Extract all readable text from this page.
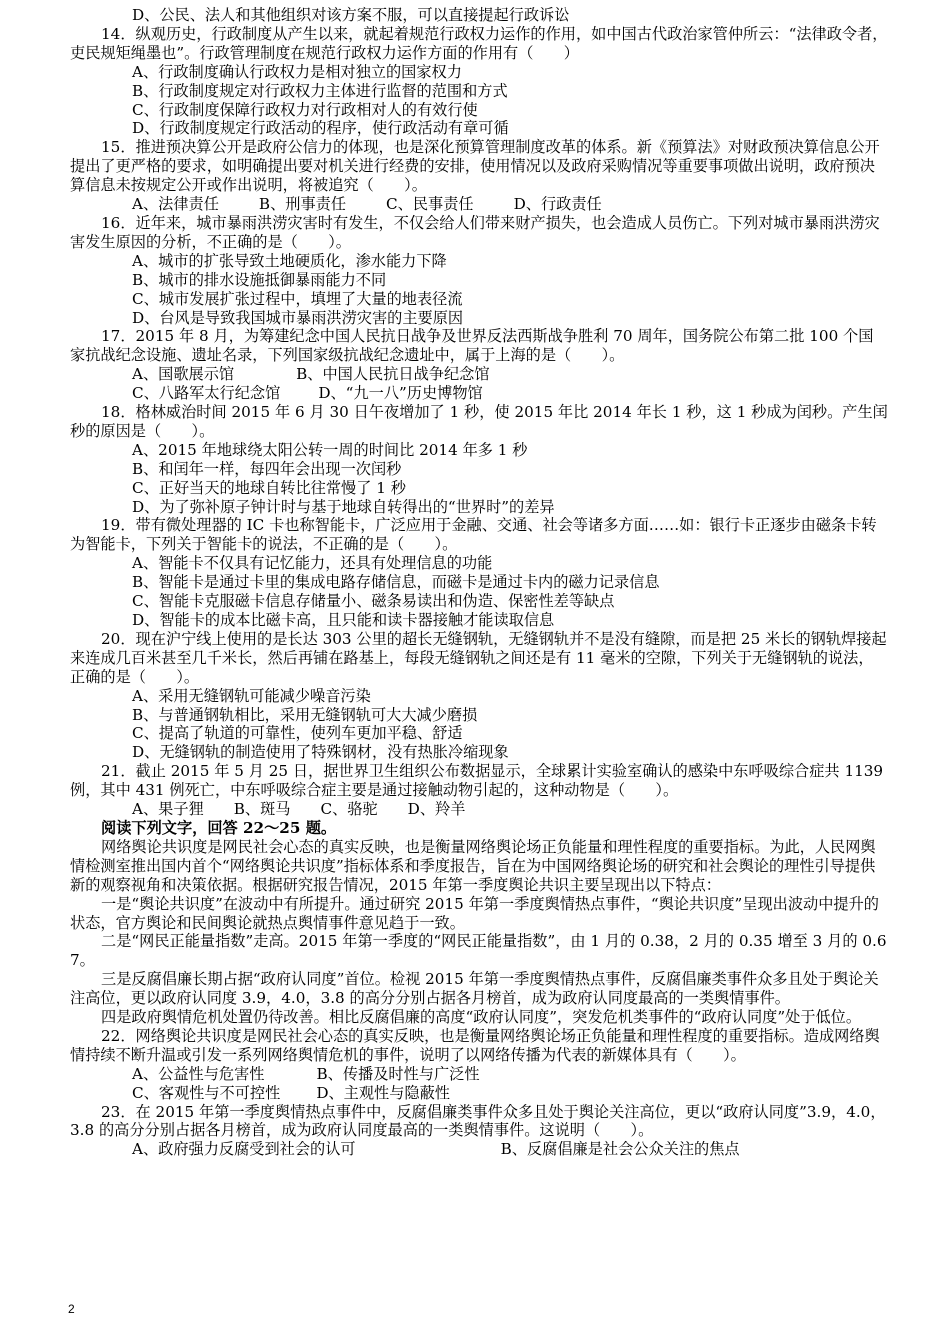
D、公民、法人和其他组织对该方案不服，可以直接提起行政诉讼

14．纵观历史，行政制度从产生以来，就起着规范行政权力运作的作用，如中国古代政治家管仲所云：“法律政令者，吏民规矩绳墨也”。行政管理制度在规范行政权力运作方面的作用有（　　）

A、行政制度确认行政权力是相对独立的国家权力

B、行政制度规定对行政权力主体进行监督的范围和方式

C、行政制度保障行政权力对行政相对人的有效行使

D、行政制度规定行政活动的程序，使行政活动有章可循

15．推进预决算公开是政府公信力的体现，也是深化预算管理制度改革的体系。新《预算法》对财政预决算信息公开提出了更严格的要求，如明确提出要对机关进行经费的安排，使用情况以及政府采购情况等重要事项做出说明，政府预决算信息未按规定公开或作出说明，将被追究（　　）。

A、法律责任	B、刑事责任	C、民事责任	D、行政责任

16．近年来，城市暴雨洪涝灾害时有发生，不仅会给人们带来财产损失，也会造成人员伤亡。下列对城市暴雨洪涝灾害发生原因的分析，不正确的是（　　）。

A、城市的扩张导致土地硬质化，渗水能力下降

B、城市的排水设施抵御暴雨能力不同

C、城市发展扩张过程中，填埋了大量的地表径流

D、台风是导致我国城市暴雨洪涝灾害的主要原因

17．2015 年 8 月，为筹建纪念中国人民抗日战争及世界反法西斯战争胜利 70 周年，国务院公布第二批 100 个国家抗战纪念设施、遗址名录，下列国家级抗战纪念遗址中，属于上海的是（　　）。

A、国歌展示馆	B、中国人民抗日战争纪念馆

C、八路军太行纪念馆	D、“九一八”历史博物馆

18．格林威治时间 2015 年 6 月 30 日午夜增加了 1 秒，使 2015 年比 2014 年长 1 秒，这 1 秒成为闰秒。产生闰秒的原因是（　　）。

A、2015 年地球绕太阳公转一周的时间比 2014 年多 1 秒

B、和闰年一样，每四年会出现一次闰秒

C、正好当天的地球自转比往常慢了 1 秒

D、为了弥补原子钟计时与基于地球自转得出的“世界时”的差异

19．带有微处理器的 IC 卡也称智能卡，广泛应用于金融、交通、社会等诸多方面……如：银行卡正逐步由磁条卡转为智能卡，下列关于智能卡的说法，不正确的是（　　）。

A、智能卡不仅具有记忆能力，还具有处理信息的功能

B、智能卡是通过卡里的集成电路存储信息，而磁卡是通过卡内的磁力记录信息

C、智能卡克服磁卡信息存储量小、磁条易读出和伪造、保密性差等缺点

D、智能卡的成本比磁卡高，且只能和读卡器接触才能读取信息

20．现在沪宁线上使用的是长达 303 公里的超长无缝钢轨，无缝钢轨并不是没有缝隙，而是把 25 米长的钢轨焊接起来连成几百米甚至几千米长，然后再铺在路基上，每段无缝钢轨之间还是有 11 毫米的空隙，下列关于无缝钢轨的说法，正确的是（　　）。

A、采用无缝钢轨可能减少噪音污染

B、与普通钢轨相比，采用无缝钢轨可大大减少磨损

C、提高了轨道的可靠性，使列车更加平稳、舒适

D、无缝钢轨的制造使用了特殊钢材，没有热胀冷缩现象

21．截止 2015 年 5 月 25 日，据世界卫生组织公布数据显示，全球累计实验室确认的感染中东呼吸综合症共 1139 例，其中 431 例死亡，中东呼吸综合症主要是通过接触动物引起的，这种动物是（　　）。

A、果子狸 B、斑马 C、骆驼 D、羚羊

阅读下列文字，回答 22～25 题。

网络舆论共识度是网民社会心态的真实反映，也是衡量网络舆论场正负能量和理性程度的重要指标。为此，人民网舆情检测室推出国内首个“网络舆论共识度”指标体系和季度报告，旨在为中国网络舆论场的研究和社会舆论的理性引导提供新的观察视角和决策依据。根据研究报告情况，2015 年第一季度舆论共识主要呈现出以下特点：

一是“舆论共识度”在波动中有所提升。通过研究 2015 年第一季度舆情热点事件，“舆论共识度”呈现出波动中提升的状态，官方舆论和民间舆论就热点舆情事件意见趋于一致。

二是“网民正能量指数”走高。2015 年第一季度的“网民正能量指数”，由 1 月的 0.38，2 月的 0.35 增至 3 月的 0.67。

三是反腐倡廉长期占据“政府认同度”首位。检视 2015 年第一季度舆情热点事件，反腐倡廉类事件众多且处于舆论关注高位，更以政府认同度 3.9，4.0，3.8 的高分分别占据各月榜首，成为政府认同度最高的一类舆情事件。

四是政府舆情危机处置仍待改善。相比反腐倡廉的高度“政府认同度”，突发危机类事件的“政府认同度”处于低位。

22．网络舆论共识度是网民社会心态的真实反映，也是衡量网络舆论场正负能量和理性程度的重要指标。造成网络舆情持续不断升温或引发一系列网络舆情危机的事件，说明了以网络传播为代表的新媒体具有（　　）。

A、公益性与危害性	B、传播及时性与广泛性

C、客观性与不可控性 D、主观性与隐蔽性

23．在 2015 年第一季度舆情热点事件中，反腐倡廉类事件众多且处于舆论关注高位，更以“政府认同度”3.9，4.0，3.8 的高分分别占据各月榜首，成为政府认同度最高的一类舆情事件。这说明（　　）。

A、政府强力反腐受到社会的认可	B、反腐倡廉是社会公众关注的焦点

2
